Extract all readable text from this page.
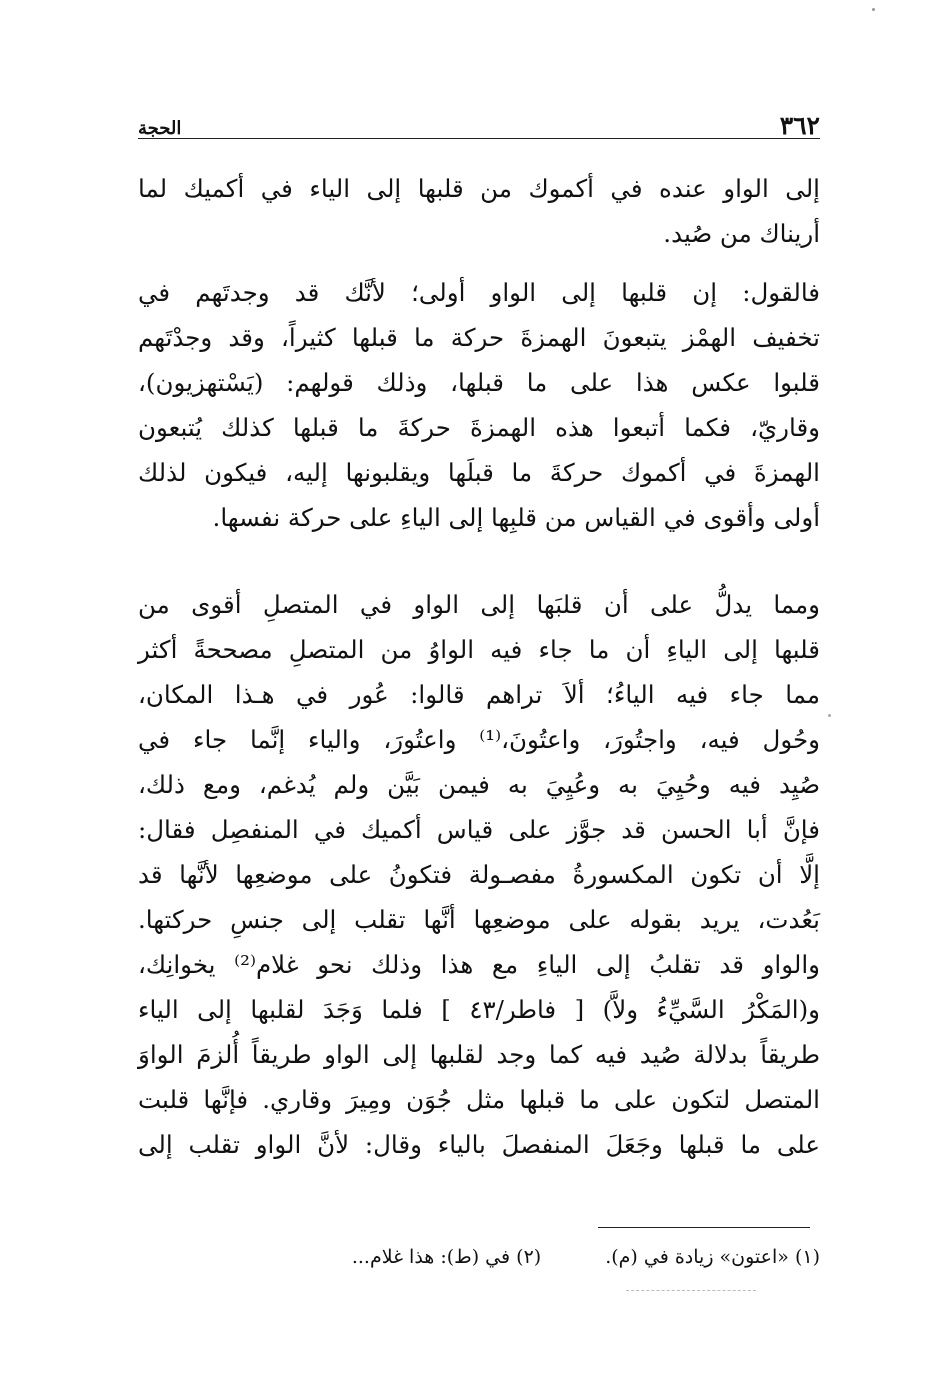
٣٦٢
الحجة
إلى الواو عنده في أكموك من قلبها إلى الياء في أكميك لما
أريناك من صُيد.
فالقول: إن قلبها إلى الواو أولى؛ لأنَّك قد وجدتَهم في
تخفيف الهمْز يتبعونَ الهمزةَ حركة ما قبلها كثيراً، وقد وجدْتَهم
قلبوا عكس هذا على ما قبلها، وذلك قولهم: (يَسْتهزيون)،
وقاريّ، فكما أتبعوا هذه الهمزةَ حركةَ ما قبلها كذلك يُتبعون
الهمزةَ في أكموك حركةَ ما قبلَها ويقلبونها إليه، فيكون لذلك
أولى وأقوى في القياس من قلبِها إلى الياءِ على حركة نفسها.
ومما يدلُّ على أن قلبَها إلى الواو في المتصلِ أقوى من
قلبها إلى الياءِ أن ما جاء فيه الواوُ من المتصلِ مصححةً أكثر
مما جاء فيه الياءُ؛ ألاَ تراهم قالوا: عُور في هـذا المكان،
وحُول فيه، واجتُورَ، واعتُونَ،⁽¹⁾ واعتُورَ، والياء إنَّما جاء في
صُيِد فيه وحُيِيَ به وعُيِيَ به فيمن بَيَّن ولم يُدغم، ومع ذلك،
فإنَّ أبا الحسن قد جوَّز على قياس أكميك في المنفصِل فقال:
إلَّا أن تكون المكسورةُ مفصـولة فتكونُ على موضعِها لأنَّها قد
بَعُدت، يريد بقوله على موضعِها أنَّها تقلب إلى جنسِ حركتها.
والواو قد تقلبُ إلى الياءِ مع هذا وذلك نحو غلام⁽²⁾ يخوانِك،
و(المَكْرُ السَّيِّءُ ولاَّ) [ فاطر/٤٣ ] فلما وَجَدَ لقلبها إلى الياء
طريقاً بدلالة صُيد فيه كما وجد لقلبها إلى الواو طريقاً أُلزمَ الواوَ
المتصل لتكون على ما قبلها مثل جُوَن ومِيرَ وقاري. فإنَّها قلبت
على ما قبلها وجَعَلَ المنفصلَ بالياء وقال: لأنَّ الواو تقلب إلى
(١) «اعتون» زيادة في (م).
(٢) في (ط): هذا غلام...
